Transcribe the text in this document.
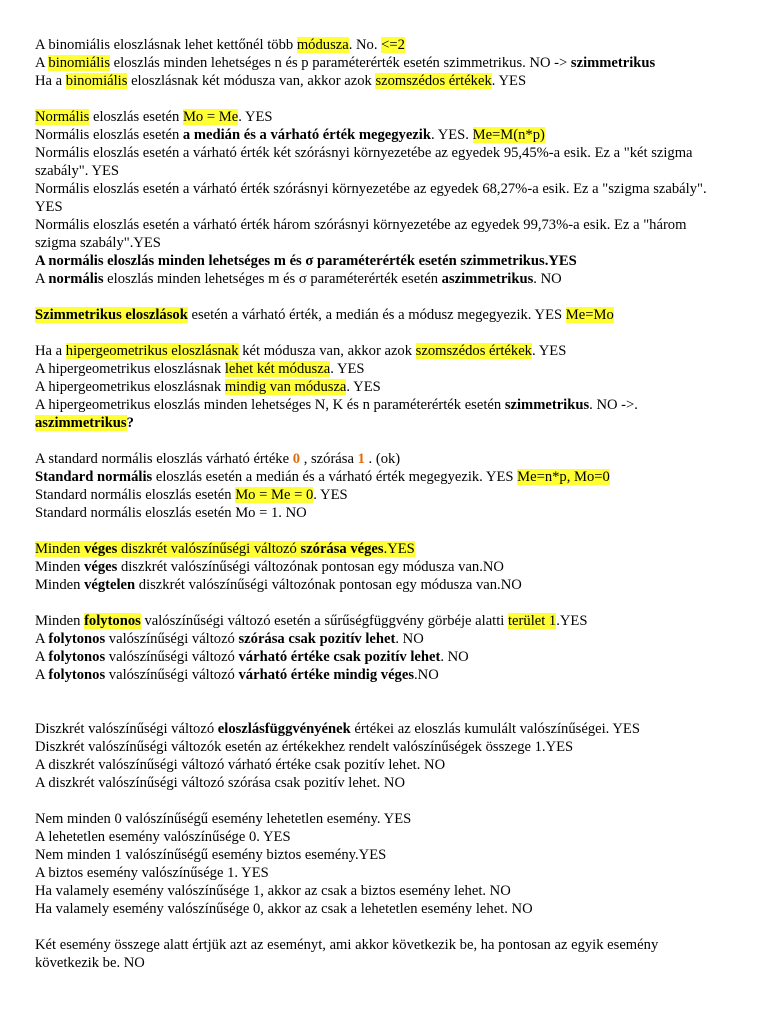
A binomiális eloszlásnak lehet kettőnél több módusza. No. <=2
A binomiális eloszlás minden lehetséges n és p paraméterérték esetén szimmetrikus. NO -> szimmetrikus
Ha a binomiális eloszlásnak két módusza van, akkor azok szomszédos értékek. YES
Normális eloszlás esetén Mo = Me. YES
Normális eloszlás esetén a medián és a várható érték megegyezik. YES. Me=M(n*p)
Normális eloszlás esetén a várható érték két szórásnyi környezetébe az egyedek 95,45%-a esik. Ez a "két szigma
szabály". YES
Normális eloszlás esetén a várható érték szórásnyi környezetébe az egyedek 68,27%-a esik. Ez a "szigma szabály".
YES
Normális eloszlás esetén a várható érték három szórásnyi környezetébe az egyedek 99,73%-a esik. Ez a "három
szigma szabály".YES
A normális eloszlás minden lehetséges m és σ paraméterérték esetén szimmetrikus.YES
A normális eloszlás minden lehetséges m és σ paraméterérték esetén aszimmetrikus. NO
Szimmetrikus eloszlások esetén a várható érték, a medián és a módusz megegyezik. YES Me=Mo
Ha a hipergeometrikus eloszlásnak két módusza van, akkor azok szomszédos értékek. YES
A hipergeometrikus eloszlásnak lehet két módusza. YES
A hipergeometrikus eloszlásnak mindig van módusza. YES
A hipergeometrikus eloszlás minden lehetséges N, K és n paraméterérték esetén szimmetrikus. NO ->.
aszimmetrikus?
A standard normális eloszlás várható értéke 0 , szórása 1 . (ok)
Standard normális eloszlás esetén a medián és a várható érték megegyezik. YES Me=n*p, Mo=0
Standard normális eloszlás esetén Mo = Me = 0. YES
Standard normális eloszlás esetén Mo = 1. NO
Minden véges diszkrét valószínűségi változó szórása véges.YES
Minden véges diszkrét valószínűségi változónak pontosan egy módusza van.NO
Minden végtelen diszkrét valószínűségi változónak pontosan egy módusza van.NO
Minden folytonos valószínűségi változó esetén a sűrűségfüggvény görbéje alatti terület 1.YES
A folytonos valószínűségi változó szórása csak pozitív lehet. NO
A folytonos valószínűségi változó várható értéke csak pozitív lehet. NO
A folytonos valószínűségi változó várható értéke mindig véges.NO
Diszkrét valószínűségi változó eloszlásfüggvényének értékei az eloszlás kumulált valószínűségei. YES
Diszkrét valószínűségi változók esetén az értékekhez rendelt valószínűségek összege 1.YES
A diszkrét valószínűségi változó várható értéke csak pozitív lehet. NO
A diszkrét valószínűségi változó szórása csak pozitív lehet. NO
Nem minden 0 valószínűségű esemény lehetetlen esemény. YES
A lehetetlen esemény valószínűsége 0. YES
Nem minden 1 valószínűségű esemény biztos esemény.YES
A biztos esemény valószínűsége 1. YES
Ha valamely esemény valószínűsége 1, akkor az csak a biztos esemény lehet. NO
Ha valamely esemény valószínűsége 0, akkor az csak a lehetetlen esemény lehet. NO
Két esemény összege alatt értjük azt az eseményt, ami akkor következik be, ha pontosan az egyik esemény
következik be. NO
